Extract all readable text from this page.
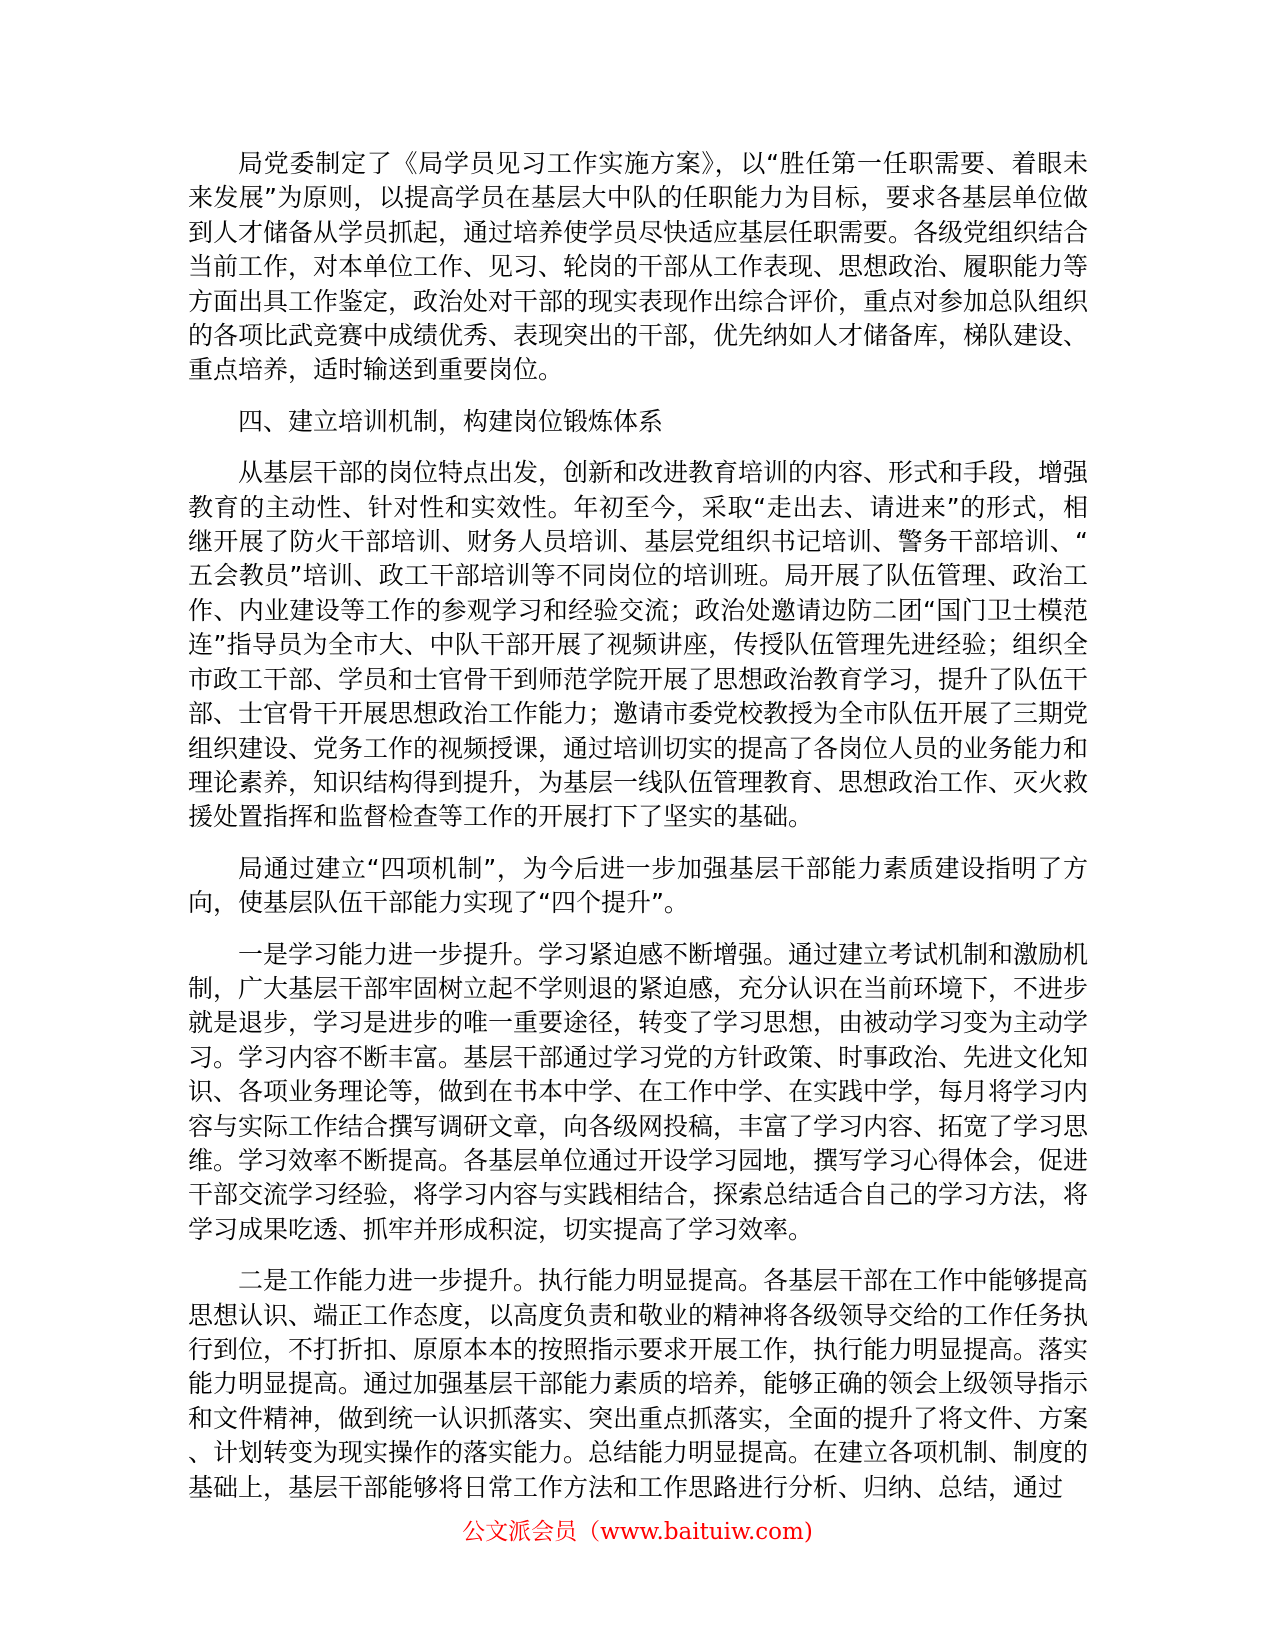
局党委制定了《局学员见习工作实施方案》，以“胜任第一任职需要、着眼未来发展”为原则，以提高学员在基层大中队的任职能力为目标，要求各基层单位做到人才储备从学员抓起，通过培养使学员尽快适应基层任职需要。各级党组织结合当前工作，对本单位工作、见习、轮岗的干部从工作表现、思想政治、履职能力等方面出具工作鉴定，政治处对干部的现实表现作出综合评价，重点对参加总队组织的各项比武竞赛中成绩优秀、表现突出的干部，优先纳如人才储备库，梯队建设、重点培养，适时输送到重要岗位。

四、建立培训机制，构建岗位锻炼体系

从基层干部的岗位特点出发，创新和改进教育培训的内容、形式和手段，增强教育的主动性、针对性和实效性。年初至今，采取“走出去、请进来”的形式，相继开展了防火干部培训、财务人员培训、基层党组织书记培训、警务干部培训、“五会教员”培训、政工干部培训等不同岗位的培训班。局开展了队伍管理、政治工作、内业建设等工作的参观学习和经验交流；政治处邀请边防二团“国门卫士模范连”指导员为全市大、中队干部开展了视频讲座，传授队伍管理先进经验；组织全市政工干部、学员和士官骨干到师范学院开展了思想政治教育学习，提升了队伍干部、士官骨干开展思想政治工作能力；邀请市委党校教授为全市队伍开展了三期党组织建设、党务工作的视频授课，通过培训切实的提高了各岗位人员的业务能力和理论素养，知识结构得到提升，为基层一线队伍管理教育、思想政治工作、灭火救援处置指挥和监督检查等工作的开展打下了坚实的基础。

局通过建立“四项机制”，为今后进一步加强基层干部能力素质建设指明了方向，使基层队伍干部能力实现了“四个提升”。

一是学习能力进一步提升。学习紧迫感不断增强。通过建立考试机制和激励机制，广大基层干部牢固树立起不学则退的紧迫感，充分认识在当前环境下，不进步就是退步，学习是进步的唯一重要途径，转变了学习思想，由被动学习变为主动学习。学习内容不断丰富。基层干部通过学习党的方针政策、时事政治、先进文化知识、各项业务理论等，做到在书本中学、在工作中学、在实践中学，每月将学习内容与实际工作结合撰写调研文章，向各级网投稿，丰富了学习内容、拓宽了学习思维。学习效率不断提高。各基层单位通过开设学习园地，撰写学习心得体会，促进干部交流学习经验，将学习内容与实践相结合，探索总结适合自己的学习方法，将学习成果吃透、抓牢并形成积淀，切实提高了学习效率。

二是工作能力进一步提升。执行能力明显提高。各基层干部在工作中能够提高思想认识、端正工作态度，以高度负责和敬业的精神将各级领导交给的工作任务执行到位，不打折扣、原原本本的按照指示要求开展工作，执行能力明显提高。落实能力明显提高。通过加强基层干部能力素质的培养，能够正确的领会上级领导指示和文件精神，做到统一认识抓落实、突出重点抓落实，全面的提升了将文件、方案、计划转变为现实操作的落实能力。总结能力明显提高。在建立各项机制、制度的基础上，基层干部能够将日常工作方法和工作思路进行分析、归纳、总结，通过

公文派会员（www.baituiw.com)
